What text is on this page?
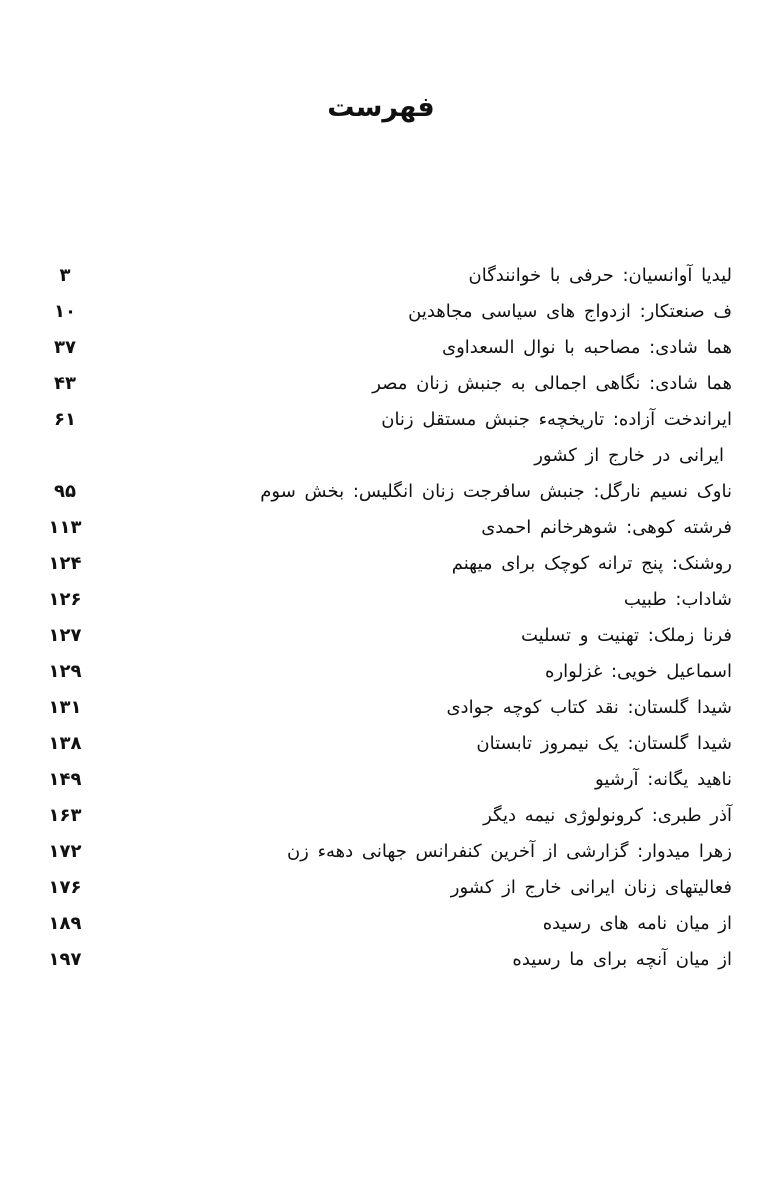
فهرست
لیدیا آوانسیان: حرفی با خوانندگان
۳
ف صنعتکار: ازدواج های سیاسی مجاهدین
۱۰
هما شادی: مصاحبه با نوال السعداوی
۳۷
هما شادی: نگاهی اجمالی به جنبش زنان مصر
۴۳
ایراندخت آزاده: تاریخچهء جنبش مستقل زنان
ایرانی در خارج از کشور
۶۱
ناوک نسیم نارگل: جنبش سافرجت زنان انگلیس: بخش سوم
۹۵
فرشته کوهی: شوهرخانم احمدی
۱۱۳
روشنک: پنج ترانه کوچک برای میهنم
۱۲۴
شاداب: طبیب
۱۲۶
فرنا زملک: تهنیت و تسلیت
۱۲۷
اسماعیل خویی: غزلواره
۱۲۹
شیدا گلستان: نقد کتاب کوچه جوادی
۱۳۱
شیدا گلستان: یک نیمروز تابستان
۱۳۸
ناهید یگانه: آرشیو
۱۴۹
آذر طبری: کرونولوژی نیمه دیگر
۱۶۳
زهرا میدوار: گزارشی از آخرین کنفرانس جهانی دههء زن
۱۷۲
فعالیتهای زنان ایرانی خارج از کشور
۱۷۶
از میان نامه های رسیده
۱۸۹
از میان آنچه برای ما رسیده
۱۹۷
